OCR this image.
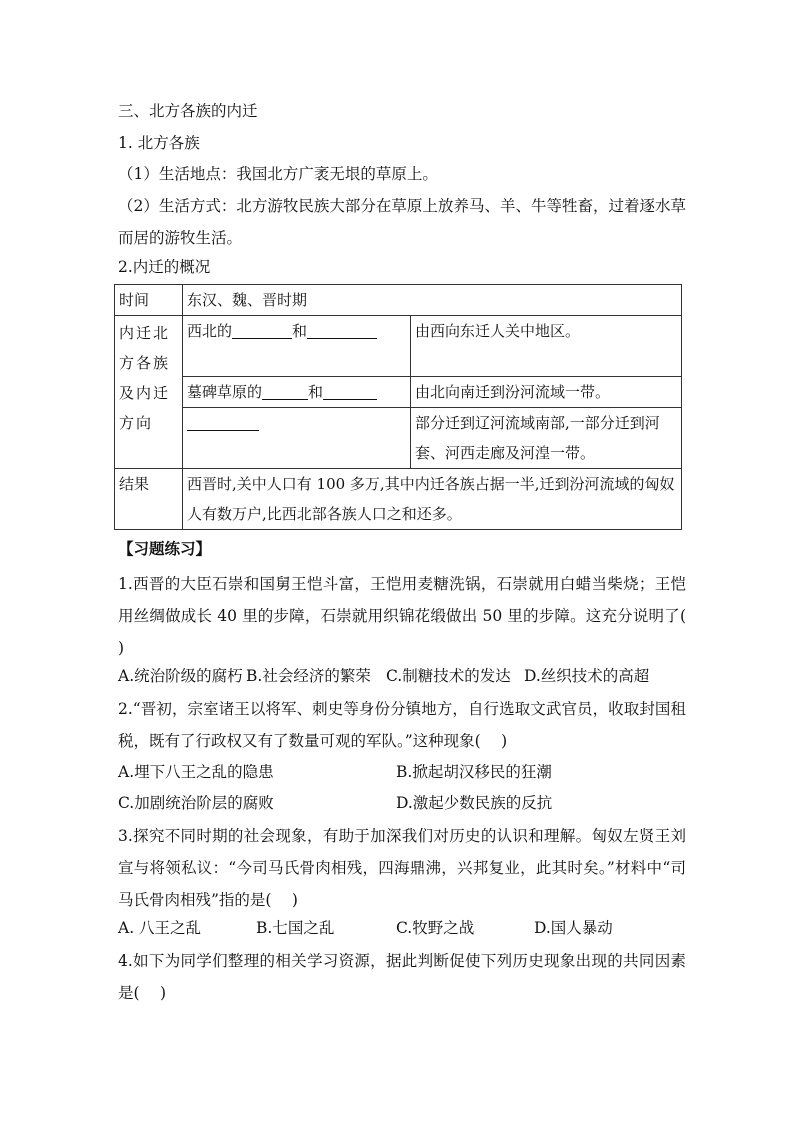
三、北方各族的内迁
1. 北方各族
（1）生活地点：我国北方广袤无垠的草原上。
（2）生活方式：北方游牧民族大部分在草原上放养马、羊、牛等牲畜，过着逐水草而居的游牧生活。
2.内迁的概况
时间	东汉、魏、晋时期	

内迁北方各族及内迁方向	西北的 和	由西向东迁人关中地区。
	墓碑草原的 和	由北向南迁到汾河流域一带。
		部分迁到辽河流域南部,一部分迁到河套、河西走廊及河湟一带。
结果	西晋时,关中人口有 100 多万,其中内迁各族占据一半,迁到汾河流域的匈奴人有数万户,比西北部各族人口之和还多。	
【习题练习】
1.西晋的大臣石崇和国舅王恺斗富，王恺用麦糖洗锅，石崇就用白蜡当柴烧；王恺用丝绸做成长 40 里的步障，石崇就用织锦花缎做出 50 里的步障。这充分说明了(　 )
A.统治阶级的腐朽 B.社会经济的繁荣 C.制糖技术的发达 D.丝织技术的高超
2.“晋初，宗室诸王以将军、刺史等身份分镇地方，自行选取文武官员，收取封国租税，既有了行政权又有了数量可观的军队。”这种现象(　 )
A.埋下八王之乱的隐患	B.掀起胡汉移民的狂潮
C.加剧统治阶层的腐败	D.激起少数民族的反抗
3.探究不同时期的社会现象，有助于加深我们对历史的认识和理解。匈奴左贤王刘宣与将领私议：“今司马氏骨肉相残，四海鼎沸，兴邦复业，此其时矣。”材料中“司马氏骨肉相残”指的是(　 )
A. 八王之乱	B.七国之乱	C.牧野之战	D.国人暴动
4.如下为同学们整理的相关学习资源，据此判断促使下列历史现象出现的共同因素是(　 )
